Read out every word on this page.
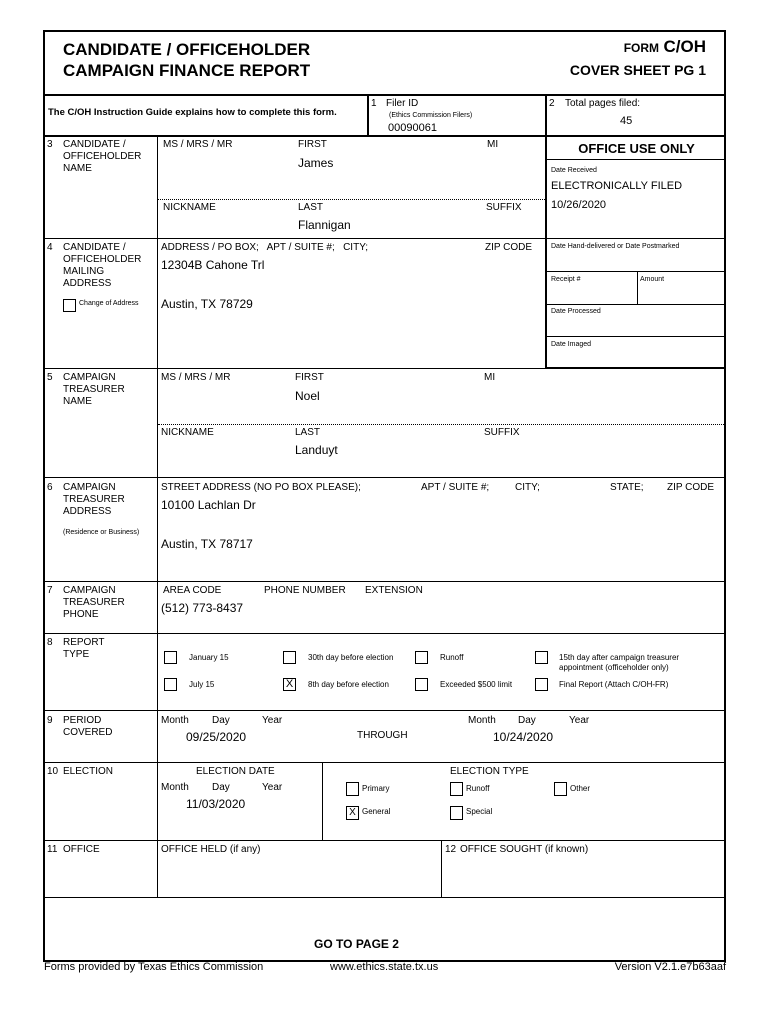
CANDIDATE / OFFICEHOLDER
CAMPAIGN FINANCE REPORT
FORM C/OH
COVER SHEET PG 1
The C/OH Instruction Guide explains how to complete this form.
1 Filer ID
(Ethics Commission Filers)
00090061
2 Total pages filed:
45
3 CANDIDATE /
OFFICEHOLDER
NAME
MS / MRS / MR	FIRST	MI
James
NICKNAME	LAST	SUFFIX
Flannigan
OFFICE USE ONLY
Date Received
ELECTRONICALLY FILED
10/26/2020
Date Hand-delivered or Date Postmarked
Receipt #	Amount
Date Processed
Date Imaged
4 CANDIDATE /
OFFICEHOLDER
MAILING
ADDRESS
Change of Address
ADDRESS / PO BOX;   APT / SUITE #;   CITY;	ZIP CODE
12304B Cahone Trl
Austin, TX 78729
5 CAMPAIGN
TREASURER
NAME
MS / MRS / MR	FIRST	MI
Noel
NICKNAME	LAST	SUFFIX
Landuyt
6 CAMPAIGN
TREASURER
ADDRESS
(Residence or Business)
STREET ADDRESS (NO PO BOX PLEASE);	APT / SUITE #;	CITY;	STATE; ZIP CODE
10100 Lachlan Dr
Austin, TX 78717
7 CAMPAIGN
TREASURER
PHONE
AREA CODE	PHONE NUMBER EXTENSION
(512) 773-8437
8 REPORT
TYPE	January 15	30th day before election	Runoff	15th day after campaign treasurer
appointment (officeholder only)
July 15	X	8th day before election	Exceeded $500 limit	Final Report (Attach C/OH-FR)
9 PERIOD
COVERED
Month Day	Year
09/25/2020	THROUGH
Month Day	Year
10/24/2020
10 ELECTION	ELECTION DATE
Month Day	Year
11/03/2020
ELECTION TYPE
Primary	Runoff	Other
X General	Special
11 OFFICE	OFFICE HELD (if any)	12 OFFICE SOUGHT (if known)
GO TO PAGE 2
Forms provided by Texas Ethics Commission	www.ethics.state.tx.us	Version V2.1.e7b63aaf
